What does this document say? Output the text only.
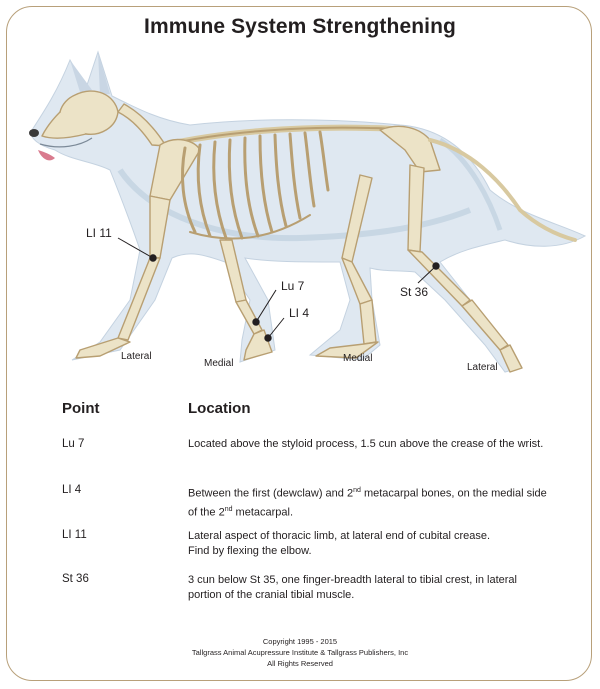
Immune System Strengthening
LI 11
Lu 7
LI 4
St 36
Lateral
Medial	Medial
Lateral
Point	Location
Lu 7	Located above the styloid process, 1.5 cun above the crease of the wrist.
LI 4	Between the first (dewclaw) and 2nd metacarpal bones, on the medial side of the 2nd metacarpal.
LI 11	Lateral aspect of thoracic limb, at lateral end of cubital crease.
Find by flexing the elbow.
St 36	3 cun below St 35, one finger-breadth lateral to tibial crest, in lateral portion of the cranial tibial muscle.
Copyright 1995 - 2015
Tallgrass Animal Acupressure Institute & Tallgrass Publishers, Inc
All Rights Reserved
